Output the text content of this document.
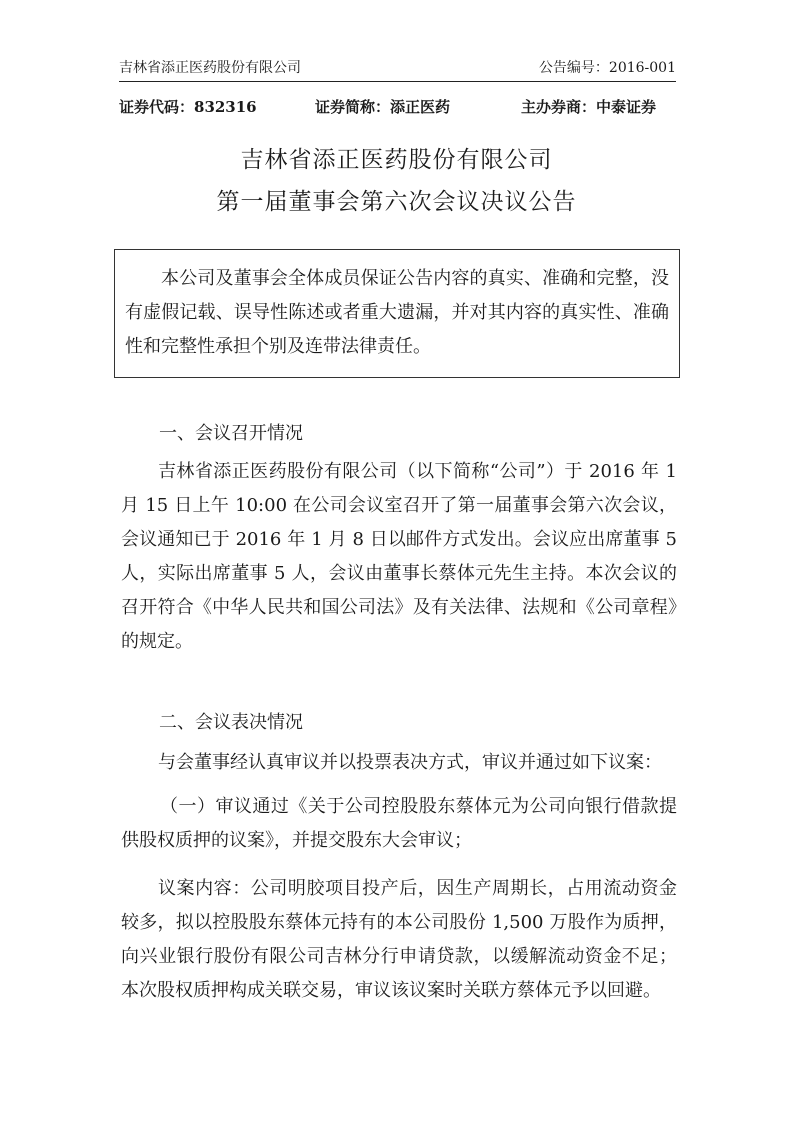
吉林省添正医药股份有限公司	公告编号：2016-001
证券代码：832316	证券简称：添正医药	主办券商：中泰证券
吉林省添正医药股份有限公司
第一届董事会第六次会议决议公告

本公司及董事会全体成员保证公告内容的真实、准确和完整，没有虚假记载、误导性陈述或者重大遗漏，并对其内容的真实性、准确性和完整性承担个别及连带法律责任。

一、会议召开情况
吉林省添正医药股份有限公司（以下简称“公司”）于 2016 年 1 月 15 日上午 10:00 在公司会议室召开了第一届董事会第六次会议，会议通知已于 2016 年 1 月 8 日以邮件方式发出。会议应出席董事 5 人，实际出席董事 5 人，会议由董事长蔡体元先生主持。本次会议的召开符合《中华人民共和国公司法》及有关法律、法规和《公司章程》的规定。
二、会议表决情况
与会董事经认真审议并以投票表决方式，审议并通过如下议案：
（一）审议通过《关于公司控股股东蔡体元为公司向银行借款提供股权质押的议案》，并提交股东大会审议；
议案内容：公司明胶项目投产后，因生产周期长，占用流动资金较多，拟以控股股东蔡体元持有的本公司股份 1,500 万股作为质押，向兴业银行股份有限公司吉林分行申请贷款，以缓解流动资金不足；本次股权质押构成关联交易，审议该议案时关联方蔡体元予以回避。
